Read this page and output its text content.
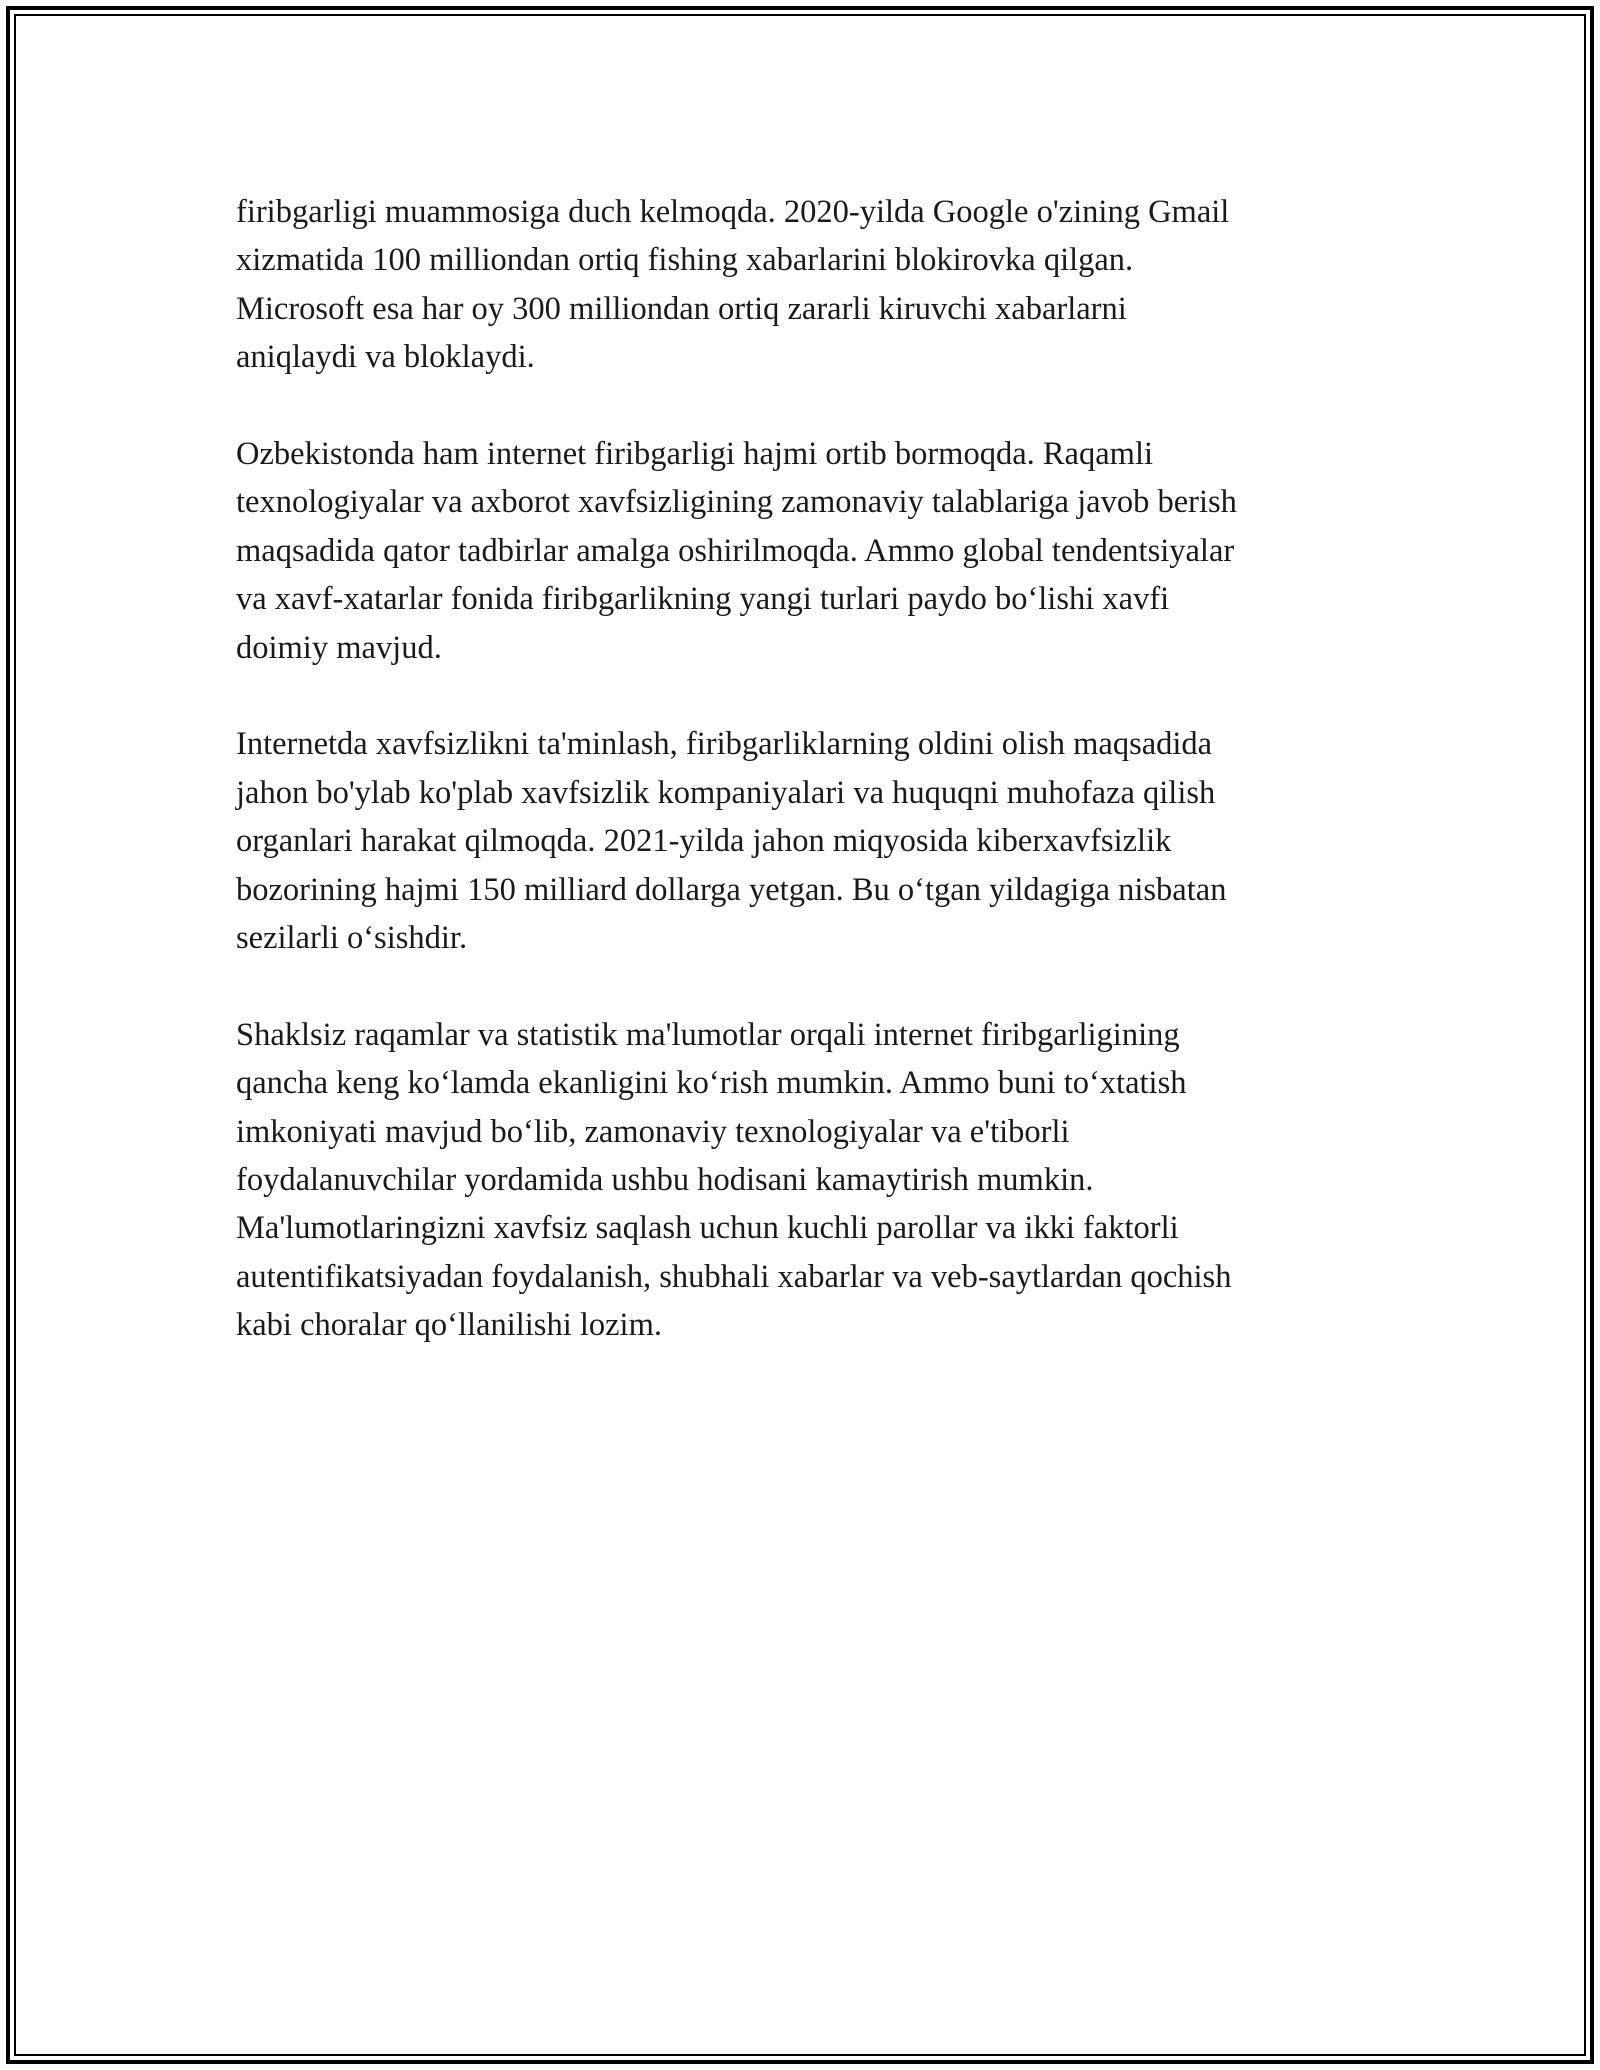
firibgarligi muammosiga duch kelmoqda. 2020-yilda Google o'zining Gmail
xizmatida 100 milliondan ortiq fishing xabarlarini blokirovka qilgan.
Microsoft esa har oy 300 milliondan ortiq zararli kiruvchi xabarlarni
aniqlaydi va bloklaydi.

Ozbekistonda ham internet firibgarligi hajmi ortib bormoqda. Raqamli
texnologiyalar va axborot xavfsizligining zamonaviy talablariga javob berish
maqsadida qator tadbirlar amalga oshirilmoqda. Ammo global tendentsiyalar
va xavf-xatarlar fonida firibgarlikning yangi turlari paydo bo‘lishi xavfi
doimiy mavjud.

Internetda xavfsizlikni ta'minlash, firibgarliklarning oldini olish maqsadida
jahon bo'ylab ko'plab xavfsizlik kompaniyalari va huquqni muhofaza qilish
organlari harakat qilmoqda. 2021-yilda jahon miqyosida kiberxavfsizlik
bozorining hajmi 150 milliard dollarga yetgan. Bu o‘tgan yildagiga nisbatan
sezilarli o‘sishdir.

Shaklsiz raqamlar va statistik ma'lumotlar orqali internet firibgarligining
qancha keng ko‘lamda ekanligini ko‘rish mumkin. Ammo buni to‘xtatish
imkoniyati mavjud bo‘lib, zamonaviy texnologiyalar va e'tiborli
foydalanuvchilar yordamida ushbu hodisani kamaytirish mumkin.
Ma'lumotlaringizni xavfsiz saqlash uchun kuchli parollar va ikki faktorli
autentifikatsiyadan foydalanish, shubhali xabarlar va veb-saytlardan qochish
kabi choralar qo‘llanilishi lozim.
